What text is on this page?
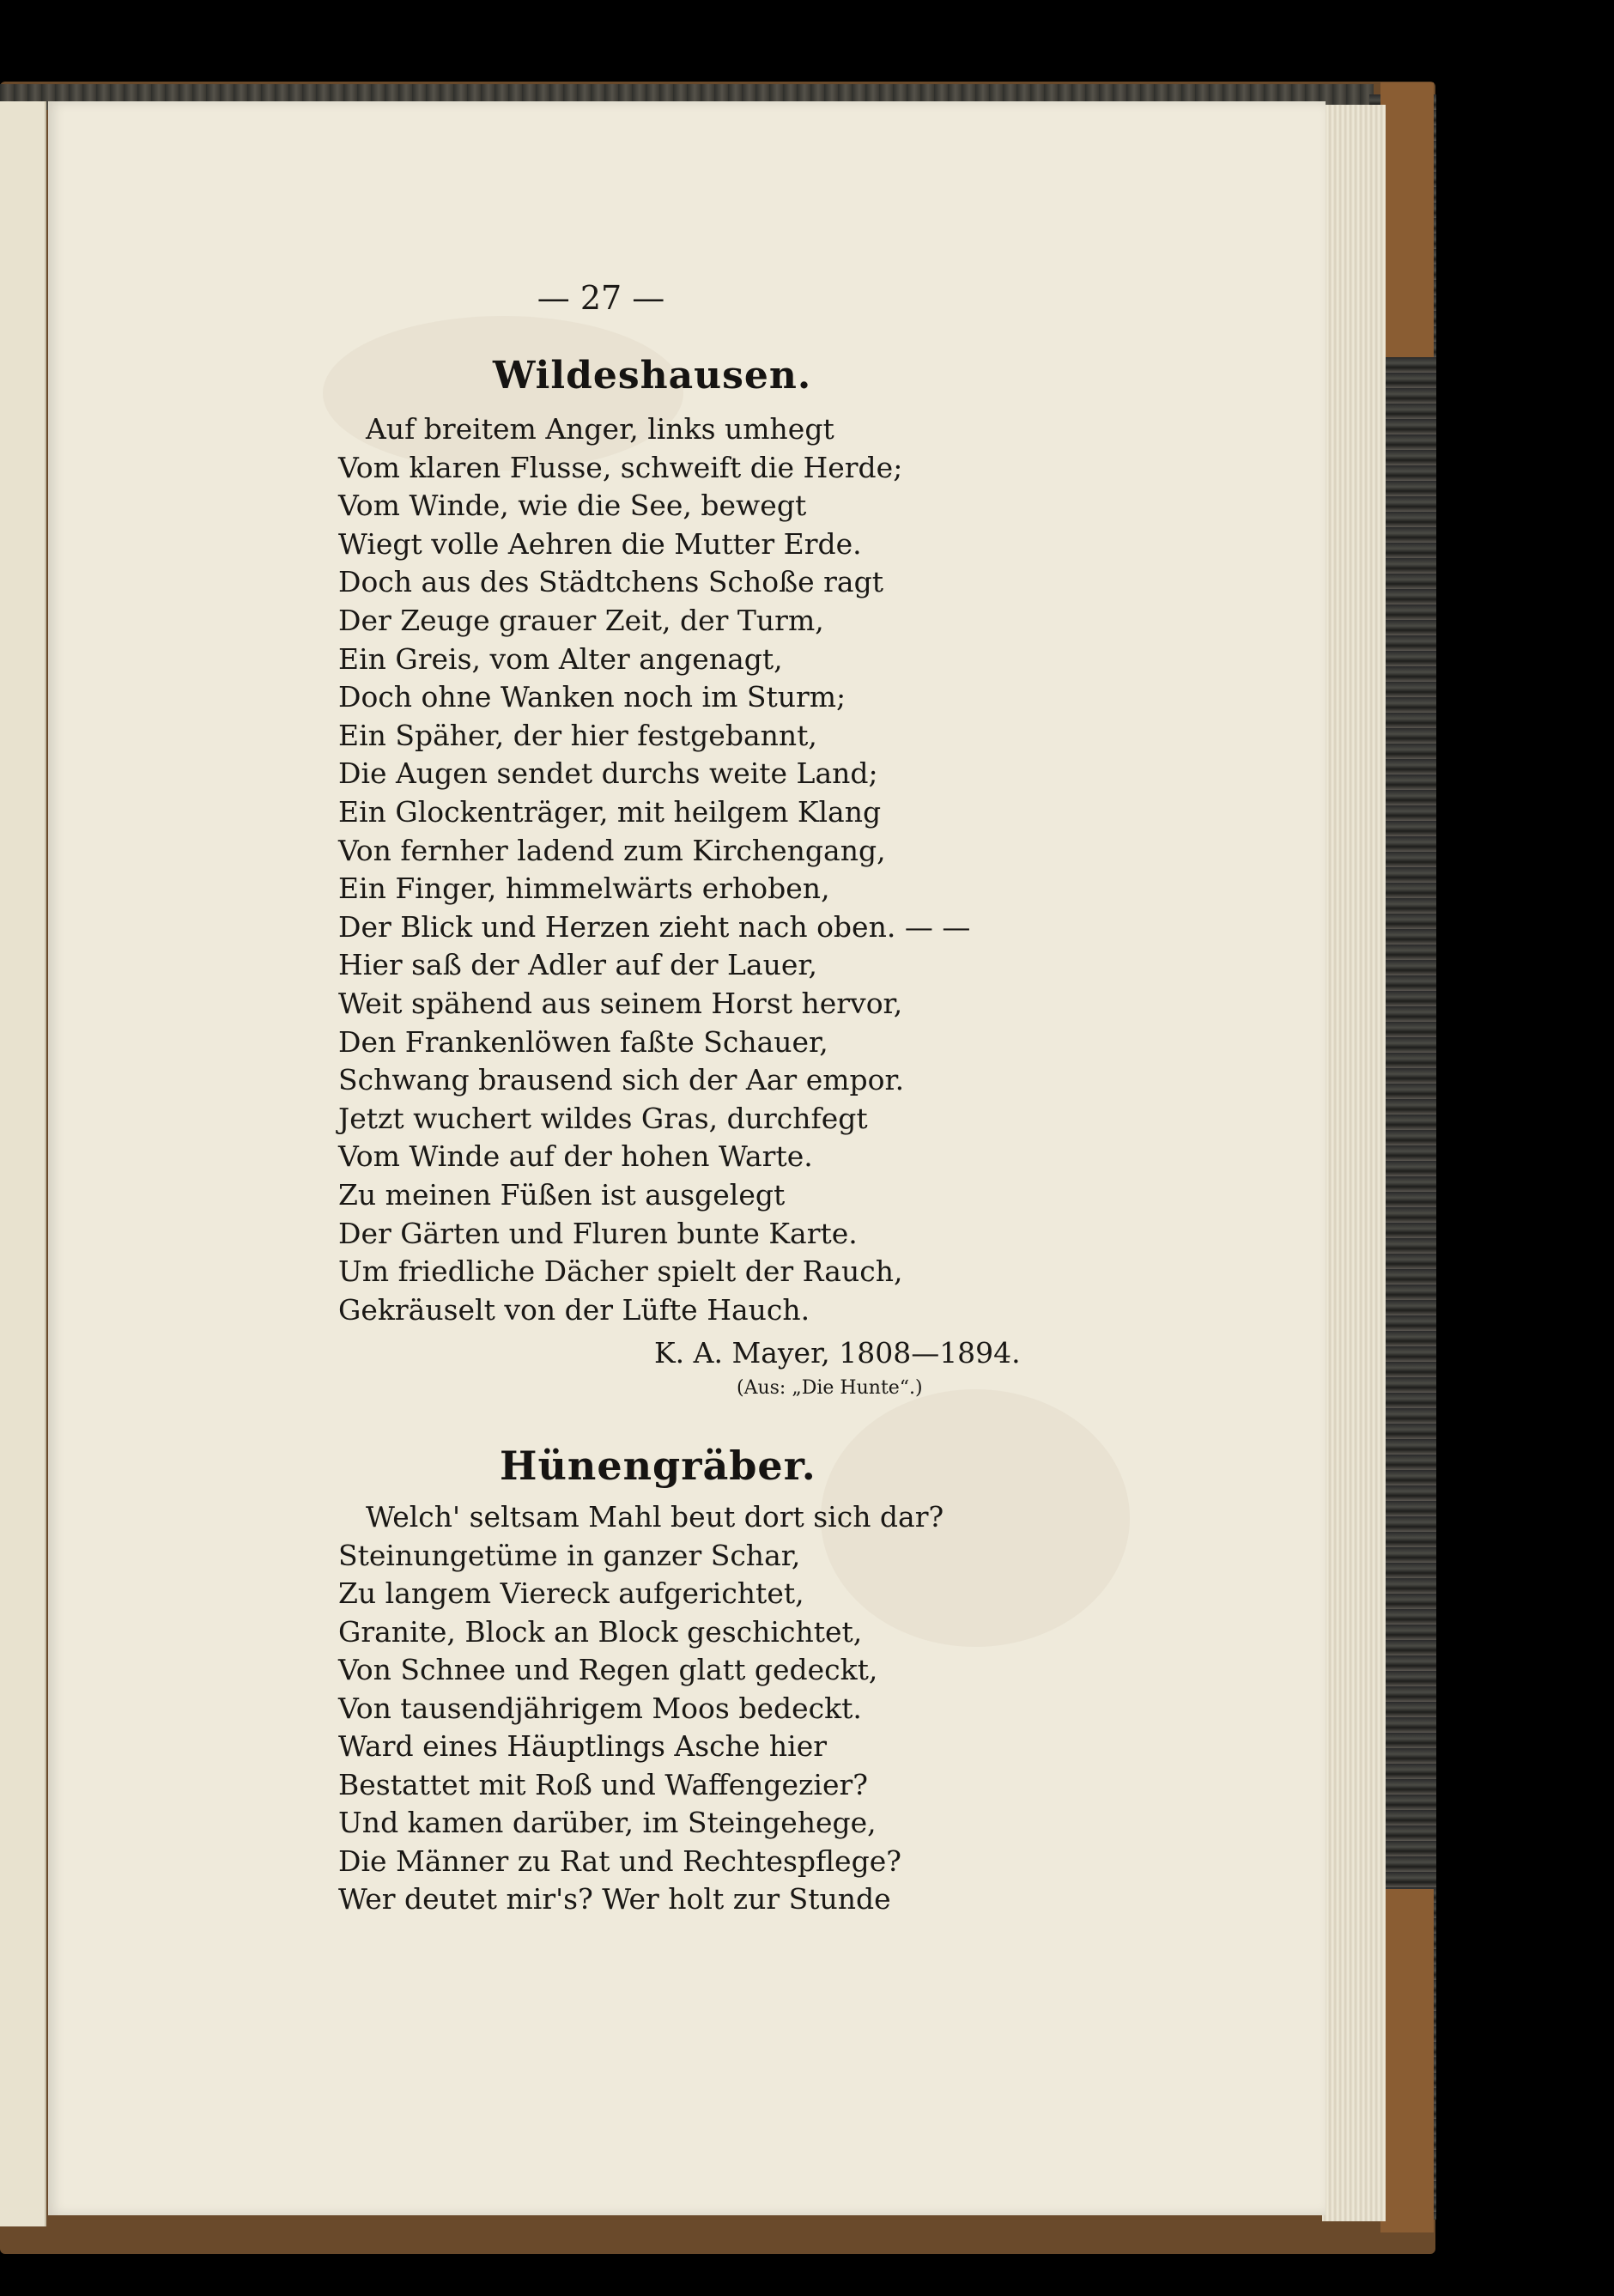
— 27 —
Wildeshausen.
Auf breitem Anger, links umhegt
Vom klaren Flusse, schweift die Herde;
Vom Winde, wie die See, bewegt
Wiegt volle Aehren die Mutter Erde.
Doch aus des Städtchens Schoße ragt
Der Zeuge grauer Zeit, der Turm,
Ein Greis, vom Alter angenagt,
Doch ohne Wanken noch im Sturm;
Ein Späher, der hier festgebannt,
Die Augen sendet durchs weite Land;
Ein Glockenträger, mit heilgem Klang
Von fernher ladend zum Kirchengang,
Ein Finger, himmelwärts erhoben,
Der Blick und Herzen zieht nach oben. — —
Hier saß der Adler auf der Lauer,
Weit spähend aus seinem Horst hervor,
Den Frankenlöwen faßte Schauer,
Schwang brausend sich der Aar empor.
Jetzt wuchert wildes Gras, durchfegt
Vom Winde auf der hohen Warte.
Zu meinen Füßen ist ausgelegt
Der Gärten und Fluren bunte Karte.
Um friedliche Dächer spielt der Rauch,
Gekräuselt von der Lüfte Hauch.
K. A. Mayer, 1808—1894.
(Aus: „Die Hunte“.)
Hünengräber.
Welch' seltsam Mahl beut dort sich dar?
Steinungetüme in ganzer Schar,
Zu langem Viereck aufgerichtet,
Granite, Block an Block geschichtet,
Von Schnee und Regen glatt gedeckt,
Von tausendjährigem Moos bedeckt.
Ward eines Häuptlings Asche hier
Bestattet mit Roß und Waffengezier?
Und kamen darüber, im Steingehege,
Die Männer zu Rat und Rechtespflege?
Wer deutet mir's? Wer holt zur Stunde
